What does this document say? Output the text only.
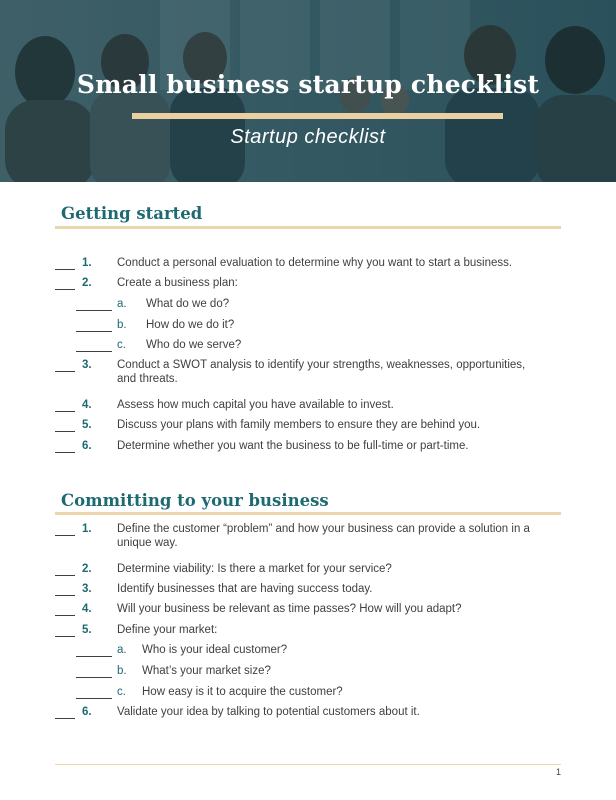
Small business startup checklist
Startup checklist
Getting started
1. Conduct a personal evaluation to determine why you want to start a business.
2. Create a business plan:
a. What do we do?
b. How do we do it?
c. Who do we serve?
3. Conduct a SWOT analysis to identify your strengths, weaknesses, opportunities,
and threats.
4. Assess how much capital you have available to invest.
5. Discuss your plans with family members to ensure they are behind you.
6. Determine whether you want the business to be full-time or part-time.
Committing to your business
1. Define the customer “problem” and how your business can provide a solution in a
unique way.
2. Determine viability: Is there a market for your service?
3. Identify businesses that are having success today.
4. Will your business be relevant as time passes? How will you adapt?
5. Define your market:
a. Who is your ideal customer?
b. What’s your market size?
c. How easy is it to acquire the customer?
6. Validate your idea by talking to potential customers about it.
1
